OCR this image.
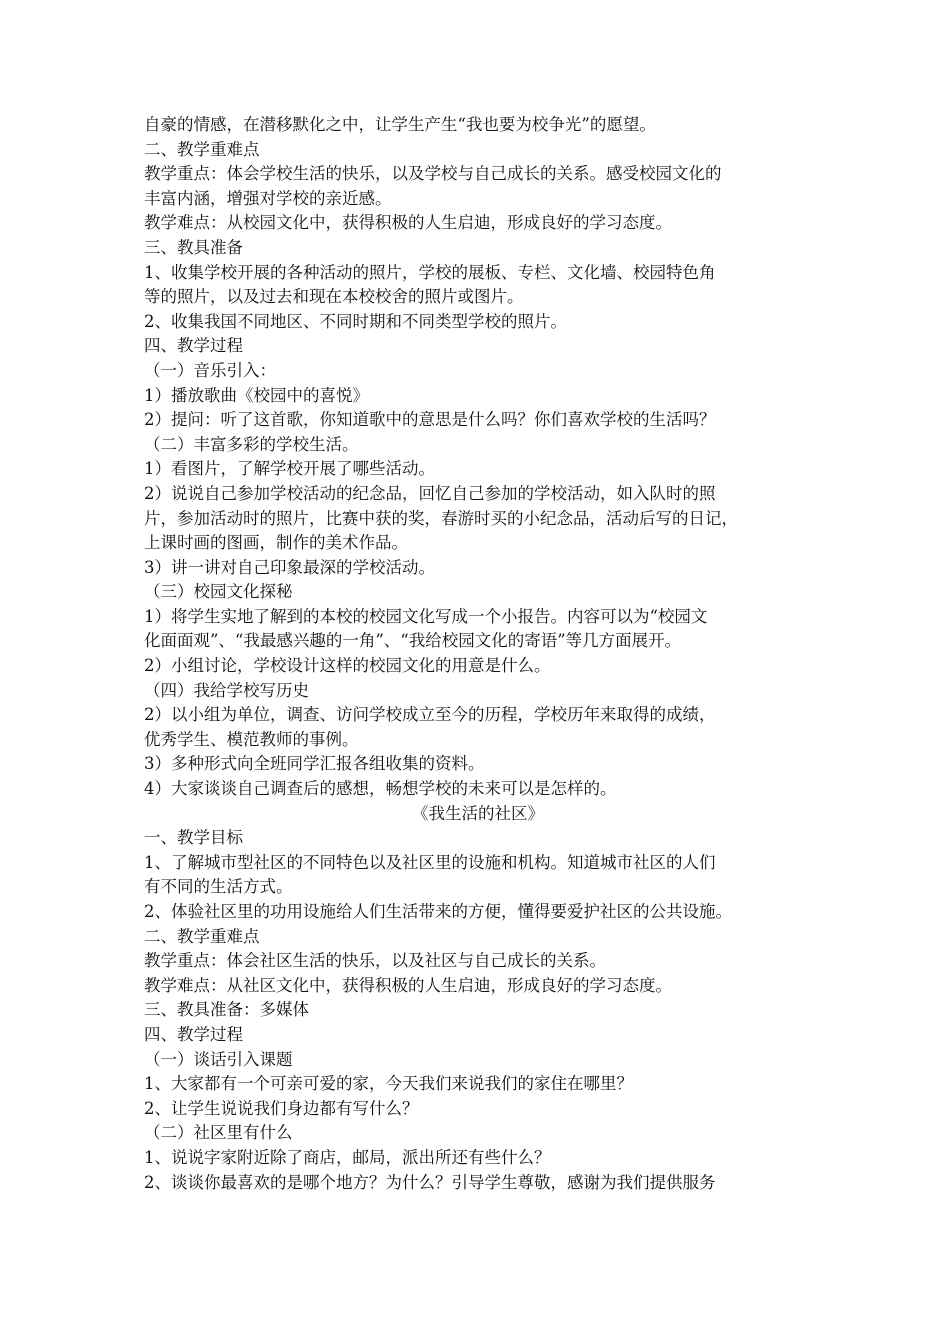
自豪的情感，在潜移默化之中，让学生产生“我也要为校争光”的愿望。
二、教学重难点
教学重点：体会学校生活的快乐，以及学校与自己成长的关系。感受校园文化的
丰富内涵，增强对学校的亲近感。
教学难点：从校园文化中，获得积极的人生启迪，形成良好的学习态度。
三、教具准备
1、收集学校开展的各种活动的照片，学校的展板、专栏、文化墙、校园特色角
等的照片，以及过去和现在本校校舍的照片或图片。
2、收集我国不同地区、不同时期和不同类型学校的照片。
四、教学过程
（一）音乐引入：
1）播放歌曲《校园中的喜悦》
2）提问：听了这首歌，你知道歌中的意思是什么吗？你们喜欢学校的生活吗？
（二）丰富多彩的学校生活。
1）看图片，了解学校开展了哪些活动。
2）说说自己参加学校活动的纪念品，回忆自己参加的学校活动，如入队时的照
片，参加活动时的照片，比赛中获的奖，春游时买的小纪念品，活动后写的日记，
上课时画的图画，制作的美术作品。
3）讲一讲对自己印象最深的学校活动。
（三）校园文化探秘
1）将学生实地了解到的本校的校园文化写成一个小报告。内容可以为“校园文
化面面观”、“我最感兴趣的一角”、“我给校园文化的寄语”等几方面展开。
2）小组讨论，学校设计这样的校园文化的用意是什么。
（四）我给学校写历史
2）以小组为单位，调查、访问学校成立至今的历程，学校历年来取得的成绩，
优秀学生、模范教师的事例。
3）多种形式向全班同学汇报各组收集的资料。
4）大家谈谈自己调查后的感想，畅想学校的未来可以是怎样的。
《我生活的社区》
一、教学目标
1、了解城市型社区的不同特色以及社区里的设施和机构。知道城市社区的人们
有不同的生活方式。
2、体验社区里的功用设施给人们生活带来的方便，懂得要爱护社区的公共设施。
二、教学重难点
教学重点：体会社区生活的快乐，以及社区与自己成长的关系。
教学难点：从社区文化中，获得积极的人生启迪，形成良好的学习态度。
三、教具准备：多媒体
四、教学过程
（一）谈话引入课题
1、大家都有一个可亲可爱的家，今天我们来说我们的家住在哪里？
2、让学生说说我们身边都有写什么？
（二）社区里有什么
1、说说字家附近除了商店，邮局，派出所还有些什么？
2、谈谈你最喜欢的是哪个地方？为什么？引导学生尊敬，感谢为我们提供服务
